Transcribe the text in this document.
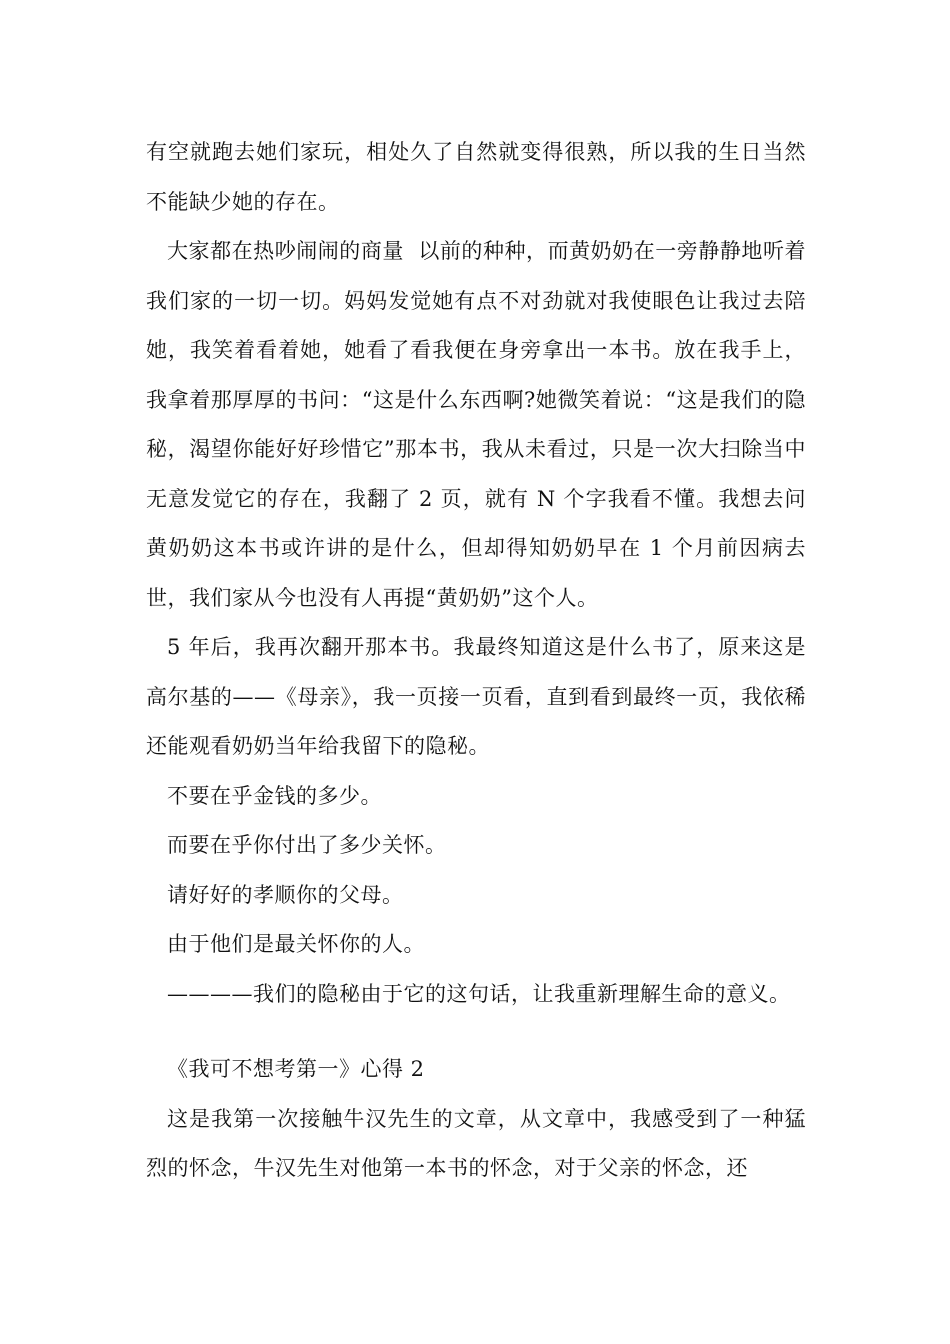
有空就跑去她们家玩，相处久了自然就变得很熟，所以我的生日当然不能缺少她的存在。

大家都在热吵闹闹的商量  以前的种种，而黄奶奶在一旁静静地听着我们家的一切一切。妈妈发觉她有点不对劲就对我使眼色让我过去陪她，我笑着看着她，她看了看我便在身旁拿出一本书。放在我手上，我拿着那厚厚的书问：“这是什么东西啊?她微笑着说：“这是我们的隐秘，渴望你能好好珍惜它”那本书，我从未看过，只是一次大扫除当中无意发觉它的存在，我翻了 2 页，就有 N 个字我看不懂。我想去问黄奶奶这本书或许讲的是什么，但却得知奶奶早在 1 个月前因病去世，我们家从今也没有人再提“黄奶奶”这个人。

5 年后，我再次翻开那本书。我最终知道这是什么书了，原来这是高尔基的——《母亲》，我一页接一页看，直到看到最终一页，我依稀还能观看奶奶当年给我留下的隐秘。

不要在乎金钱的多少。

而要在乎你付出了多少关怀。

请好好的孝顺你的父母。

由于他们是最关怀你的人。

————我们的隐秘由于它的这句话，让我重新理解生命的意义。

《我可不想考第一》心得 2

这是我第一次接触牛汉先生的文章，从文章中，我感受到了一种猛烈的怀念，牛汉先生对他第一本书的怀念，对于父亲的怀念，还
